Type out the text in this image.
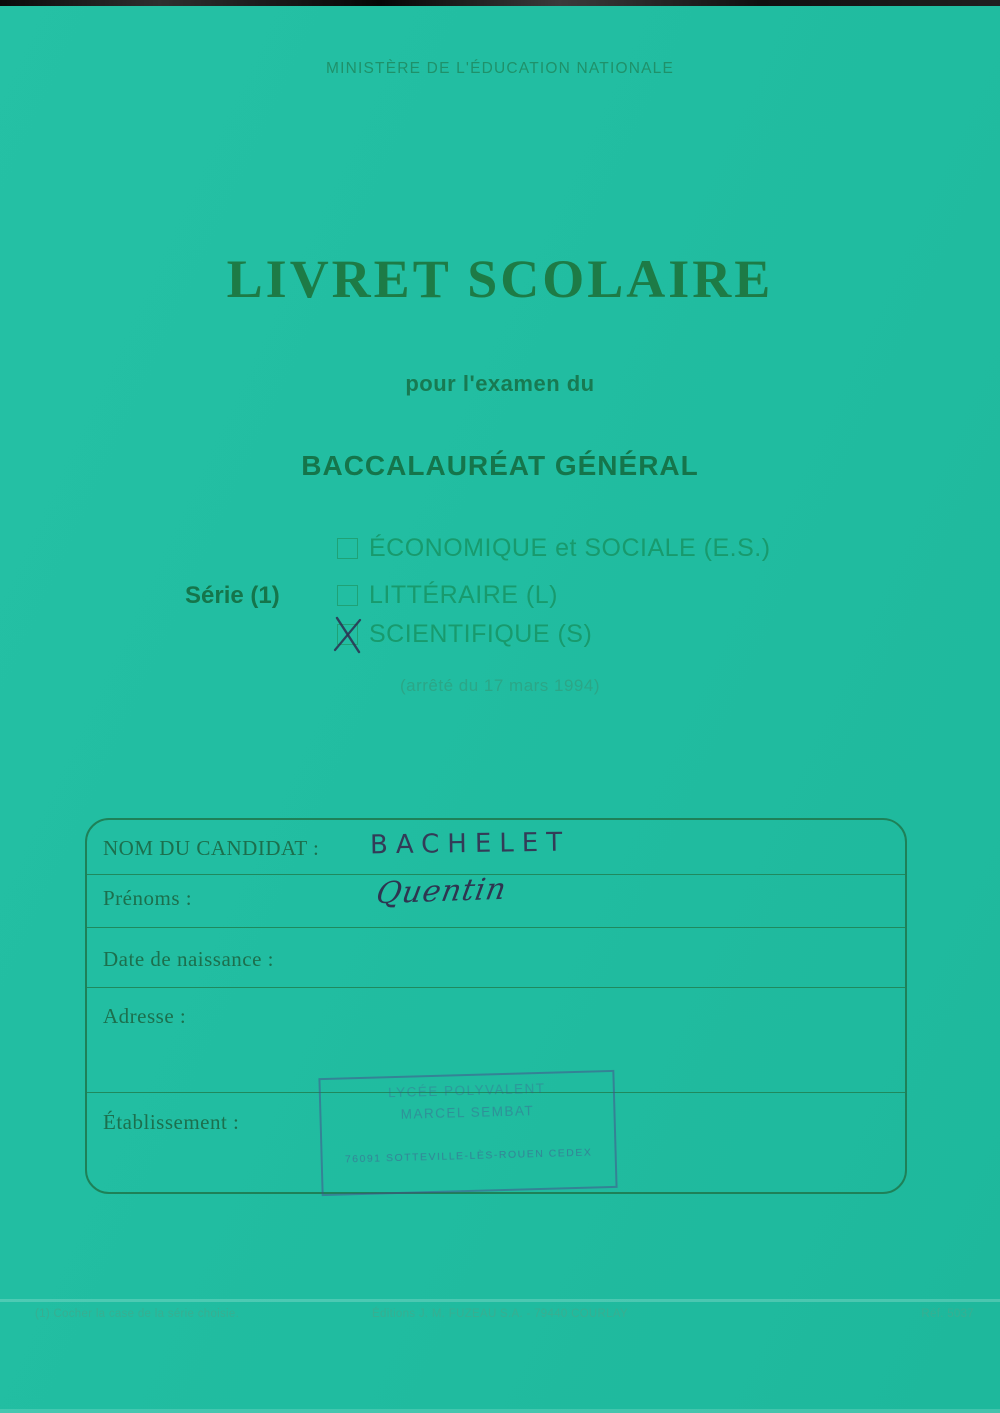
MINISTÈRE DE L'ÉDUCATION NATIONALE
LIVRET SCOLAIRE
pour l'examen du
BACCALAURÉAT GÉNÉRAL
Série (1)
ÉCONOMIQUE et SOCIALE (E.S.)
LITTÉRAIRE (L)
SCIENTIFIQUE (S)
(arrêté du 17 mars 1994)
NOM DU CANDIDAT : BACHELET
Prénoms :	Quentin
Date de naissance :
Adresse :
Établissement :
LYCÉE POLYVALENT
MARCEL SEMBAT
76091 SOTTEVILLE-LÈS-ROUEN CEDEX
(1) Cocher la case de la série choisie.	Éditions J. M. FUZEAU S.A. - 79440 COURLAY	Réf. 5037
